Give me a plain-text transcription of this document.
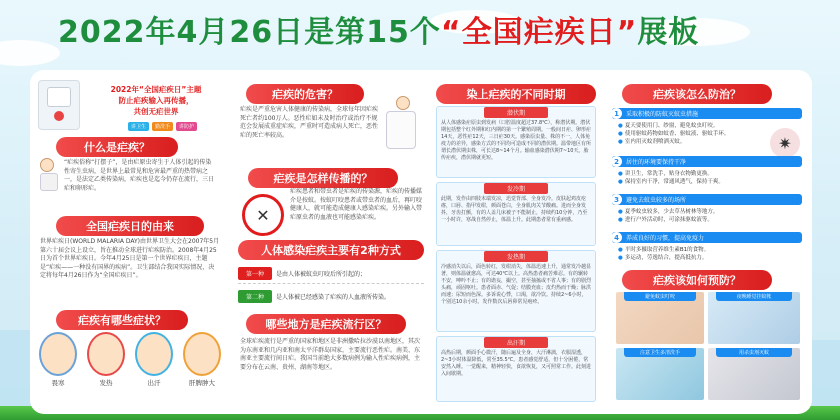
2022年4月26日是第15个 “全国疟疾日” 展板
2022年“全国疟疾日”主题
防止疟疾输入再传播，
共创无疟世界
讲卫生	勤洗手	讲防护
什么是疟疾？
“疟疾俗称“打摆子”，是由疟原虫寄生于人体引起的传染性寄生虫病，是世界上最常见和危害最严重的热带病之一，是法定乙类传染病，疟疾也是迄今仍存在流行，三日疟和卵形疟。
全国疟疾日的由来
世界疟疾日(WORLD MALARIA DAY)由世界卫生大会在2007年5月第六十届会议上设立，旨在推动全球进行疟疾防治。2008年4月25日为首个世界疟疾日。今年4月25日是第一个世界疟疾日，主题是“疟疾——一种没有国界的疾病”。卫生部结合我国实际情况，决定将每年4月26日作为“全国疟疾日”。
疟疾有哪些症状？
畏寒	发热	出汗	肝脾肿大
疟疾的危害？
疟疾是严重危害人体健康的传染病，全球每年因疟疾死亡者约100万人。恶性疟如未及时治疗或治疗不规范会发展成重症疟疾，严重时可造成病人死亡，恶性疟的死亡率较高。
疟疾是怎样传播的？
✕
疟疾患者和带虫者是疟疾的传染源，疟疾的传播媒介是按蚊。按蚊叮咬患者或带虫者的血后，再叮咬健康人，就可能造成健康人感染疟疾。另外输入带疟原虫者的血液也可能感染疟疾。
人体感染疟疾主要有2种方式
第一种	是由人体被蚊虫叮咬后所引起的；
第二种	是人体被已经感染了疟疾的人血液所传染。
哪些地方是疟疾流行区？
全球疟疾流行是严重的国家和地区是非洲撒哈拉沙漠以南地区，其次为东南亚和几内亚和南太平洋群岛国家，主要流行恶性疟。南美、东南亚主要流行间日疟。我国当前绝大多数病例为输入性疟疾病例，主要分布在云南、贵州、湖南等地区。
染上疟疾的不同时期
潜伏期
从人体感染疟原虫到发病（口腔温度超过37.8℃），称潜伏期。潜伏期包括整个红外期和红内期的第一个繁殖周期。一般间日疟、卵形疟14天，恶性疟12天，三日疟30天。感染原虫量、株的不一，人体免疫力的差异，感染方式的不同均可造成不同的潜伏期。温带地区有所谓长潜伏期虫株，可长达8~14个月。输血感染潜伏期7~10天。胎传疟疾，潜伏期就更短。
发冷期
此期，发作由四肢末端发凉，迅觉背部、全身发冷。皮肤起鸡皮疙瘩，口唇、指甲发绀，颜面苍白，全身肌肉关节酸痛。进而全身发抖，牙齿打颤，有的人盖几床被子不能制止，持续约10分钟，乃至一小时许，寒战自然停止，体温上升。此期患者常有重病感。
发热期
冷感消失以后，面色转红，发绀消失，体温迅速上升，通常发冷越显著，则体温就愈高，可达40℃以上。高热患者痛苦难忍。有的辗转不安，呻吟不止；有的谵妄，撮空，甚至抽搐或不省人事；有的剧烈头痛，顽固呕吐。患者面赤、气促；结膜充血；皮灼热而干燥；脉洪而速；尿短而色深。多诉说心悸，口渴，欲冷饮。持续2~6小时，个别达10余小时。发作数次后唇鼻常见疱疹。
出汗期
高热后期，颜面手心微汗，随后遍及全身，大汗淋漓，衣服湿透，2~3小时体温降低，常至35.5℃。患者感觉舒适，但十分困倦，常安然入睡。一觉醒来，精神轻快，食欲恢复，又可照常工作。此刻进入间歇期。
疟疾该怎么防治？
1	采取积极的防蚊灭蚊虫措施
● 夏天要使用门、纱窗，避免蚊虫叮咬。
● 使用驱蚊药物如蚊香、驱蚊液、驱蚊手环。
● 室内用灭蚊剂喷洒灭蚊。	✷
2	居住的环境要保持干净
● 讲卫生，常洗手，贴身衣物勤更换。
● 保持室内干净，常通风透气，保持干爽。
3	避免去蚊虫较多的场所
● 夏季蚊虫较多，少去草丛树林等地方。
● 进行户外活动时，可涂抹驱蚊液等。
4	养成良好的习惯，提高免疫力
● 平时多摄取营养维生素B1的食物。
● 多运动，劳逸结合，提高抵抗力。
疟疾该如何预防？
避免蚊虫叮咬	夜晚睡觉挂蚊帐
注意卫生多清洗手	用杀虫剂灭蚊
